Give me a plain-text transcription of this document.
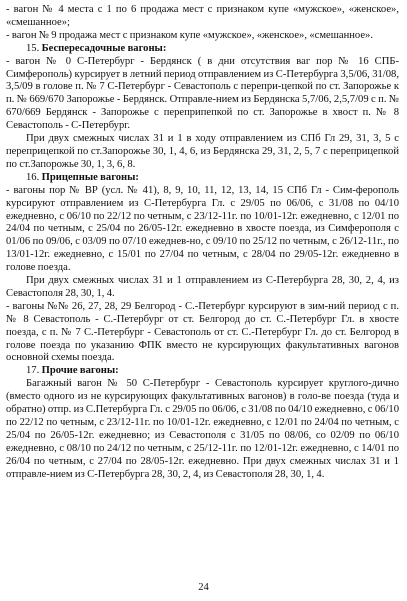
- вагон № 4 места с 1 по 6 продажа мест с признаком купе «мужское», «женское», «смешанное»;

- вагон № 9 продажа мест с признаком купе «мужское», «женское», «смешанное».

15. Беспересадочные вагоны:

- вагон № 0 С-Петербург - Бердянск ( в дни отсутствия ваг пор № 16 СПБ-Симферополь) курсирует в летний период отправлением из С-Петербурга 3,5/06, 31/08, 3,5/09 в голове п. № 7 С-Петербург - Севастополь с перепри-цепкой по ст. Запорожье к п. № 669/670 Запорожье - Бердянск. Отправле-нием из Бердянска 5,7/06, 2,5,7/09 с п. № 670/669 Бердянск - Запорожье с переприпепкой по ст. Запорожье в хвост п. № 8 Севастополь - С-Петербург.

При двух смежных числах 31 и 1 в ходу отправлением из СПб Гл 29, 31, 3, 5 с переприцепкой по ст.Запорожье 30, 1, 4, 6, из Бердянска 29, 31, 2, 5, 7 с переприцепкой по ст.Запорожье 30, 1, 3, 6, 8.

16. Прицепные вагоны:

- вагоны пор № ВР (усл. № 41), 8, 9, 10, 11, 12, 13, 14, 15 СПб Гл - Сим-ферополь курсируют отправлением из С-Петербурга Гл. с 29/05 по 06/06, с 31/08 по 04/10 ежедневно, с 06/10 по 22/12 по четным, с 23/12-11г. по 10/01-12г. ежедневно, с 12/01 по 24/04 по четным, с 25/04 по 26/05-12г. ежедневно в хвосте поезда, из Симферополя с 01/06 по 09/06, с 03/09 по 07/10 ежеднев-но, с 09/10 по 25/12 по четным, с 26/12-11г., по 13/01-12г. ежедневно, с 15/01 по 27/04 по четным, с 28/04 по 29/05-12г. ежедневно в голове поезда.

При двух смежных числах 31 и 1 отправлением из С-Петербурга 28, 30, 2, 4, из Севастополя 28, 30, 1, 4.

- вагоны №№ 26, 27, 28, 29 Белгород - С.-Петербург курсируют в зим-ний период с п. № 8 Севастополь - С.-Петербург от ст. Белгород до ст. С.-Петербург Гл. в хвосте поезда, с п. № 7 С.-Петербург - Севастополь от ст. С.-Петербург Гл. до ст. Белгород в голове поезда по указанию ФПК вместо не курсирующих факультативных вагонов основной схемы поезда.

17. Прочие вагоны:

Багажный вагон № 50 С-Петербург - Севастополь курсирует круглого-дично (вместо одного из не курсирующих факультативных вагонов) в голо-ве поезда (туда и обратно) отпр. из С.Петербурга Гл. с 29/05 по 06/06, с 31/08 по 04/10 ежедневно, с 06/10 по 22/12 по четным, с 23/12-11г. по 10/01-12г. ежедневно, с 12/01 по 24/04 по четным, с 25/04 по 26/05-12г. ежедневно; из Севастополя с 31/05 по 08/06, со 02/09 по 06/10 ежедневно, с 08/10 по 24/12 по четным, с 25/12-11г. по 12/01-12г. ежедневно, с 14/01 по 26/04 по четным, с 27/04 по 28/05-12г. ежедневно. При двух смежных числах 31 и 1 отправле-нием из С-Петербурга 28, 30, 2, 4, из Севастополя 28, 30, 1, 4.

24
